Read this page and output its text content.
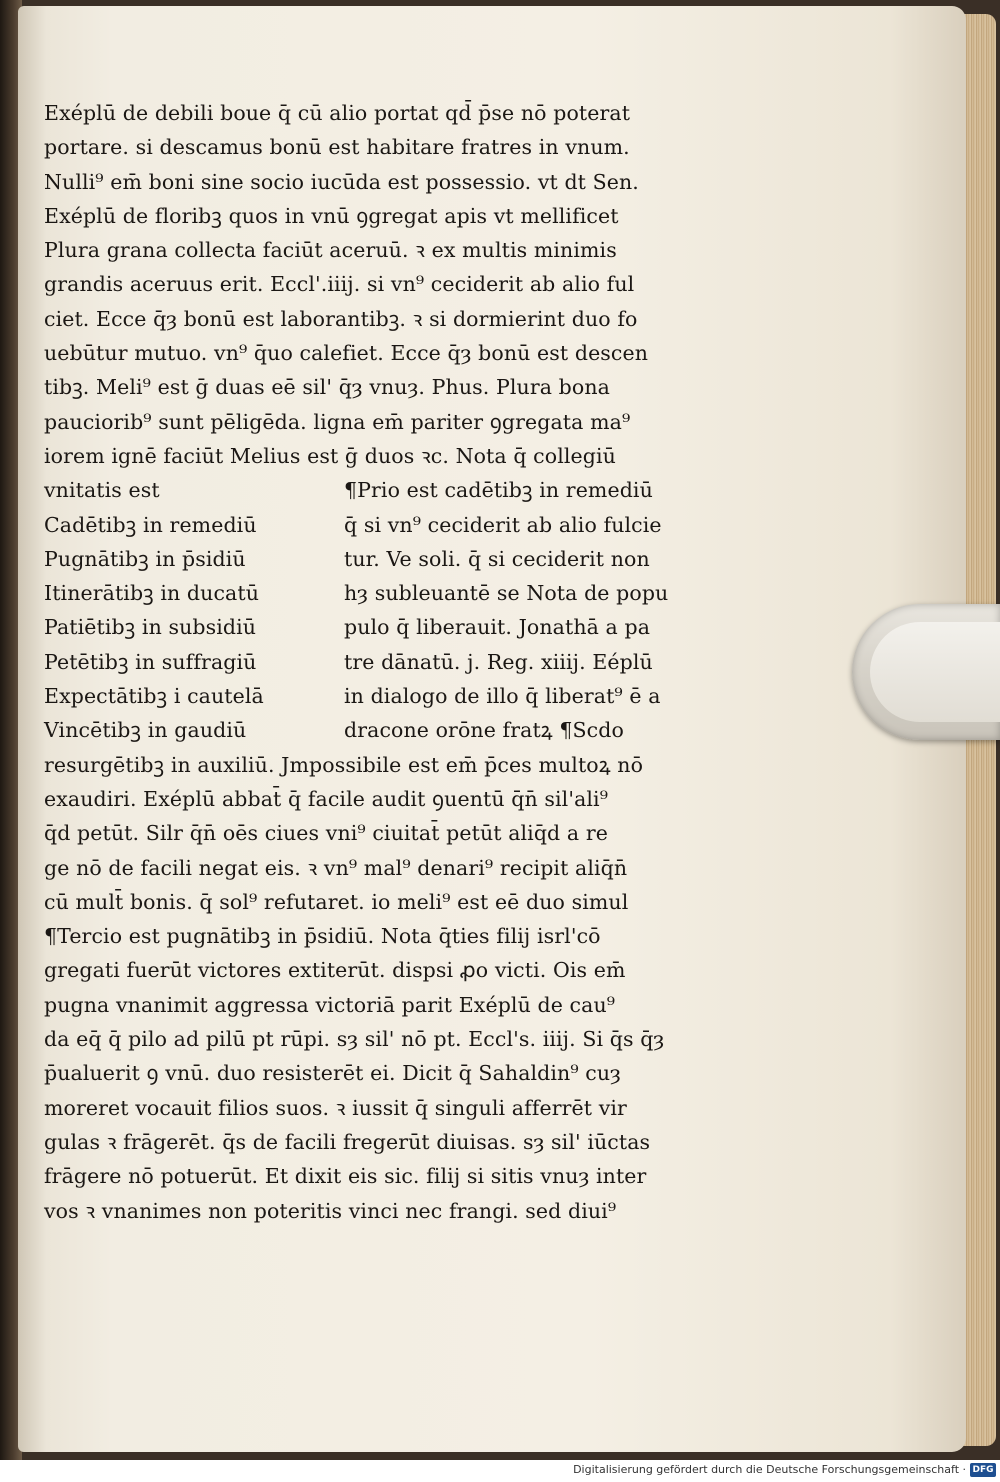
Exéplū de debili boue q̄ cū alio portat qd̄ p̄se nō poterat
portare. si descamus bonū est habitare fratres in vnum.
Nulli⁹ em̄ boni sine socio iucūda est possessio. vt dt Sen.
Exéplū de floribꝫ quos in vnū ꝯgregat apis vt mellificet
Plura grana collecta faciūt aceruū. ꝛ ex multis minimis
grandis aceruus erit. Eccl'.iiij. si vn⁹ ceciderit ab alio ful
ciet. Ecce q̄ȝ bonū est laborantibꝫ. ꝛ si dormierint duo fo
uebūtur mutuo. vn⁹ q̄uo calefiet. Ecce q̄ȝ bonū est descen
tibꝫ. Meli⁹ est ḡ duas eē sil' q̄ȝ vnuȝ. Phus. Plura bona
pauciorib⁹ sunt pēligēda. ligna em̄ pariter ꝯgregata ma⁹
iorem ignē faciūt Melius est ḡ duos ꝛc. Nota q̄ collegiū
vnitatis est	¶Prio est cadētibꝫ in remediū
Cadētibꝫ in remediū	q̄ si vn⁹ ceciderit ab alio fulcie
Pugnātibꝫ in p̄sidiū	tur. Ve soli. q̄ si ceciderit non
Itinerātibꝫ in ducatū	hȝ subleuantē se Nota de popu
Patiētibꝫ in subsidiū	pulo q̄ liberauit. Jonathā a pa
Petētibꝫ in suffragiū	tre dānatū. j. Reg. xiiij. Eéplū
Expectātibꝫ i cautelā	in dialogo de illo q̄ liberat⁹ ē a
Vincētibꝫ in gaudiū	dracone orōne fratꝝ ¶Scdo
resurgētibꝫ in auxiliū. Jmpossibile est em̄ p̄ces multoꝝ nō
exaudiri. Exéplū abbat̄ q̄ facile audit ꝯuentū q̄n̄ sil'ali⁹
q̄d petūt. Silr q̄n̄ oēs ciues vni⁹ ciuitat̄ petūt aliq̄d a re
ge nō de facili negat eis. ꝛ vn⁹ mal⁹ denari⁹ recipit aliq̄n̄
cū mult̄ bonis. q̄ sol⁹ refutaret. io meli⁹ est eē duo simul
¶Tercio est pugnātibꝫ in p̄sidiū. Nota q̄ties filij isrl'cō
gregati fuerūt victores extiterūt. dispsi ꝓo victi. Ois em̄
pugna vnanimit aggressa victoriā parit Exéplū de cau⁹
da eq̄ q̄ pilo ad pilū pt rūpi. sȝ sil' nō pt. Eccl's. iiij. Si q̄s q̄ȝ
p̄ualuerit ꝯ vnū. duo resisterēt ei. Dicit q̄ Sahaldin⁹ cuȝ
moreret vocauit filios suos. ꝛ iussit q̄ singuli afferrēt vir
gulas ꝛ frāgerēt. q̄s de facili fregerūt diuisas. sȝ sil' iūctas
frāgere nō potuerūt. Et dixit eis sic. filij si sitis vnuȝ inter
vos ꝛ vnanimes non poteritis vinci nec frangi. sed diui⁹
Digitalisierung gefördert durch die Deutsche Forschungsgemeinschaft · DFG
